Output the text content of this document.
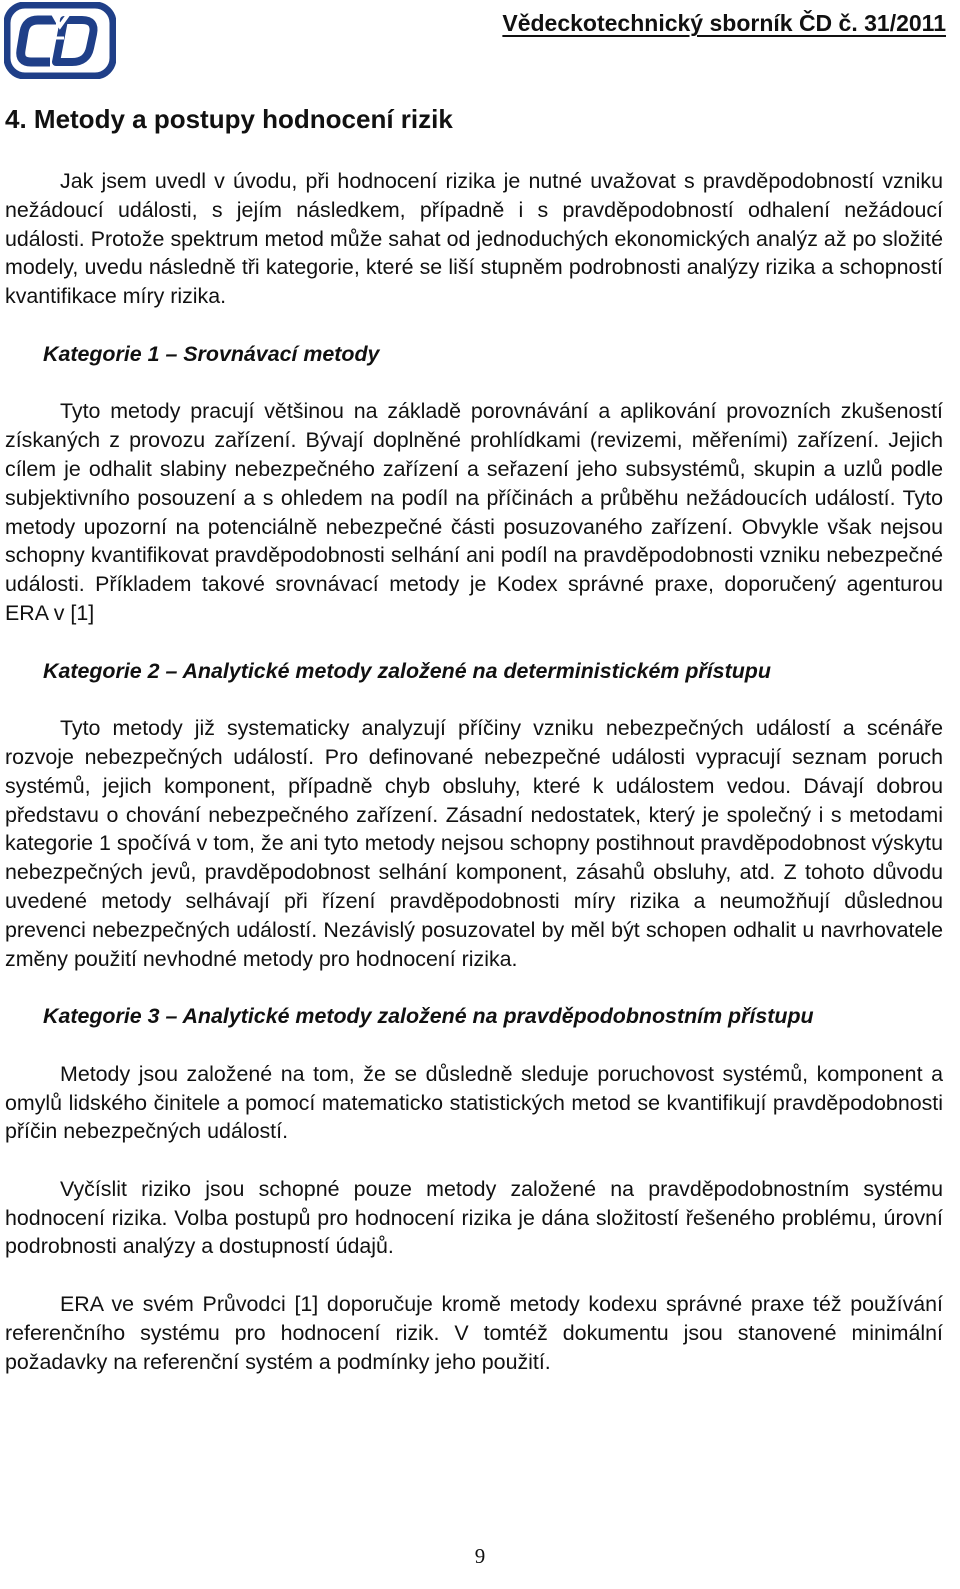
Vědeckotechnický sborník ČD č. 31/2011
4. Metody a postupy hodnocení rizik

Jak jsem uvedl v úvodu, při hodnocení rizika je nutné uvažovat s pravděpodobností vzniku nežádoucí události, s jejím následkem, případně i s pravděpodobností odhalení nežádoucí události. Protože spektrum metod může sahat od jednoduchých ekonomických analýz až po složité modely, uvedu následně tři kategorie, které se liší stupněm podrobnosti analýzy rizika a schopností kvantifikace míry rizika.

Kategorie 1 – Srovnávací metody

Tyto metody pracují většinou na základě porovnávání a aplikování provozních zkušeností získaných z provozu zařízení. Bývají doplněné prohlídkami (revizemi, měřeními) zařízení. Jejich cílem je odhalit slabiny nebezpečného zařízení a seřazení jeho subsystémů, skupin a uzlů podle subjektivního posouzení a s ohledem na podíl na příčinách a průběhu nežádoucích událostí. Tyto metody upozorní na potenciálně nebezpečné části posuzovaného zařízení. Obvykle však nejsou schopny kvantifikovat pravděpodobnosti selhání ani podíl na pravděpodobnosti vzniku nebezpečné události. Příkladem takové srovnávací metody je Kodex správné praxe, doporučený agenturou ERA v [1]

Kategorie 2 – Analytické metody založené na deterministickém přístupu

Tyto metody již systematicky analyzují příčiny vzniku nebezpečných událostí a scénáře rozvoje nebezpečných událostí. Pro definované nebezpečné události vypracují seznam poruch systémů, jejich komponent, případně chyb obsluhy, které k událostem vedou. Dávají dobrou představu o chování nebezpečného zařízení. Zásadní nedostatek, který je společný i s metodami kategorie 1 spočívá v tom, že ani tyto metody nejsou schopny postihnout pravděpodobnost výskytu nebezpečných jevů, pravděpodobnost selhání komponent, zásahů obsluhy, atd. Z tohoto důvodu uvedené metody selhávají při řízení pravděpodobnosti míry rizika a neumožňují důslednou prevenci nebezpečných událostí. Nezávislý posuzovatel by měl být schopen odhalit u navrhovatele změny použití nevhodné metody pro hodnocení rizika.

Kategorie 3 – Analytické metody založené na pravděpodobnostním přístupu

Metody jsou založené na tom, že se důsledně sleduje poruchovost systémů, komponent a omylů lidského činitele a pomocí matematicko statistických metod se kvantifikují pravděpodobnosti příčin nebezpečných událostí.

Vyčíslit riziko jsou schopné pouze metody založené na pravděpodobnostním systému hodnocení rizika. Volba postupů pro hodnocení rizika je dána složitostí řešeného problému, úrovní podrobnosti analýzy a dostupností údajů.

ERA ve svém Průvodci [1] doporučuje kromě metody kodexu správné praxe též používání referenčního systému pro hodnocení rizik. V tomtéž dokumentu jsou stanovené minimální požadavky na referenční systém a podmínky jeho použití.

9
